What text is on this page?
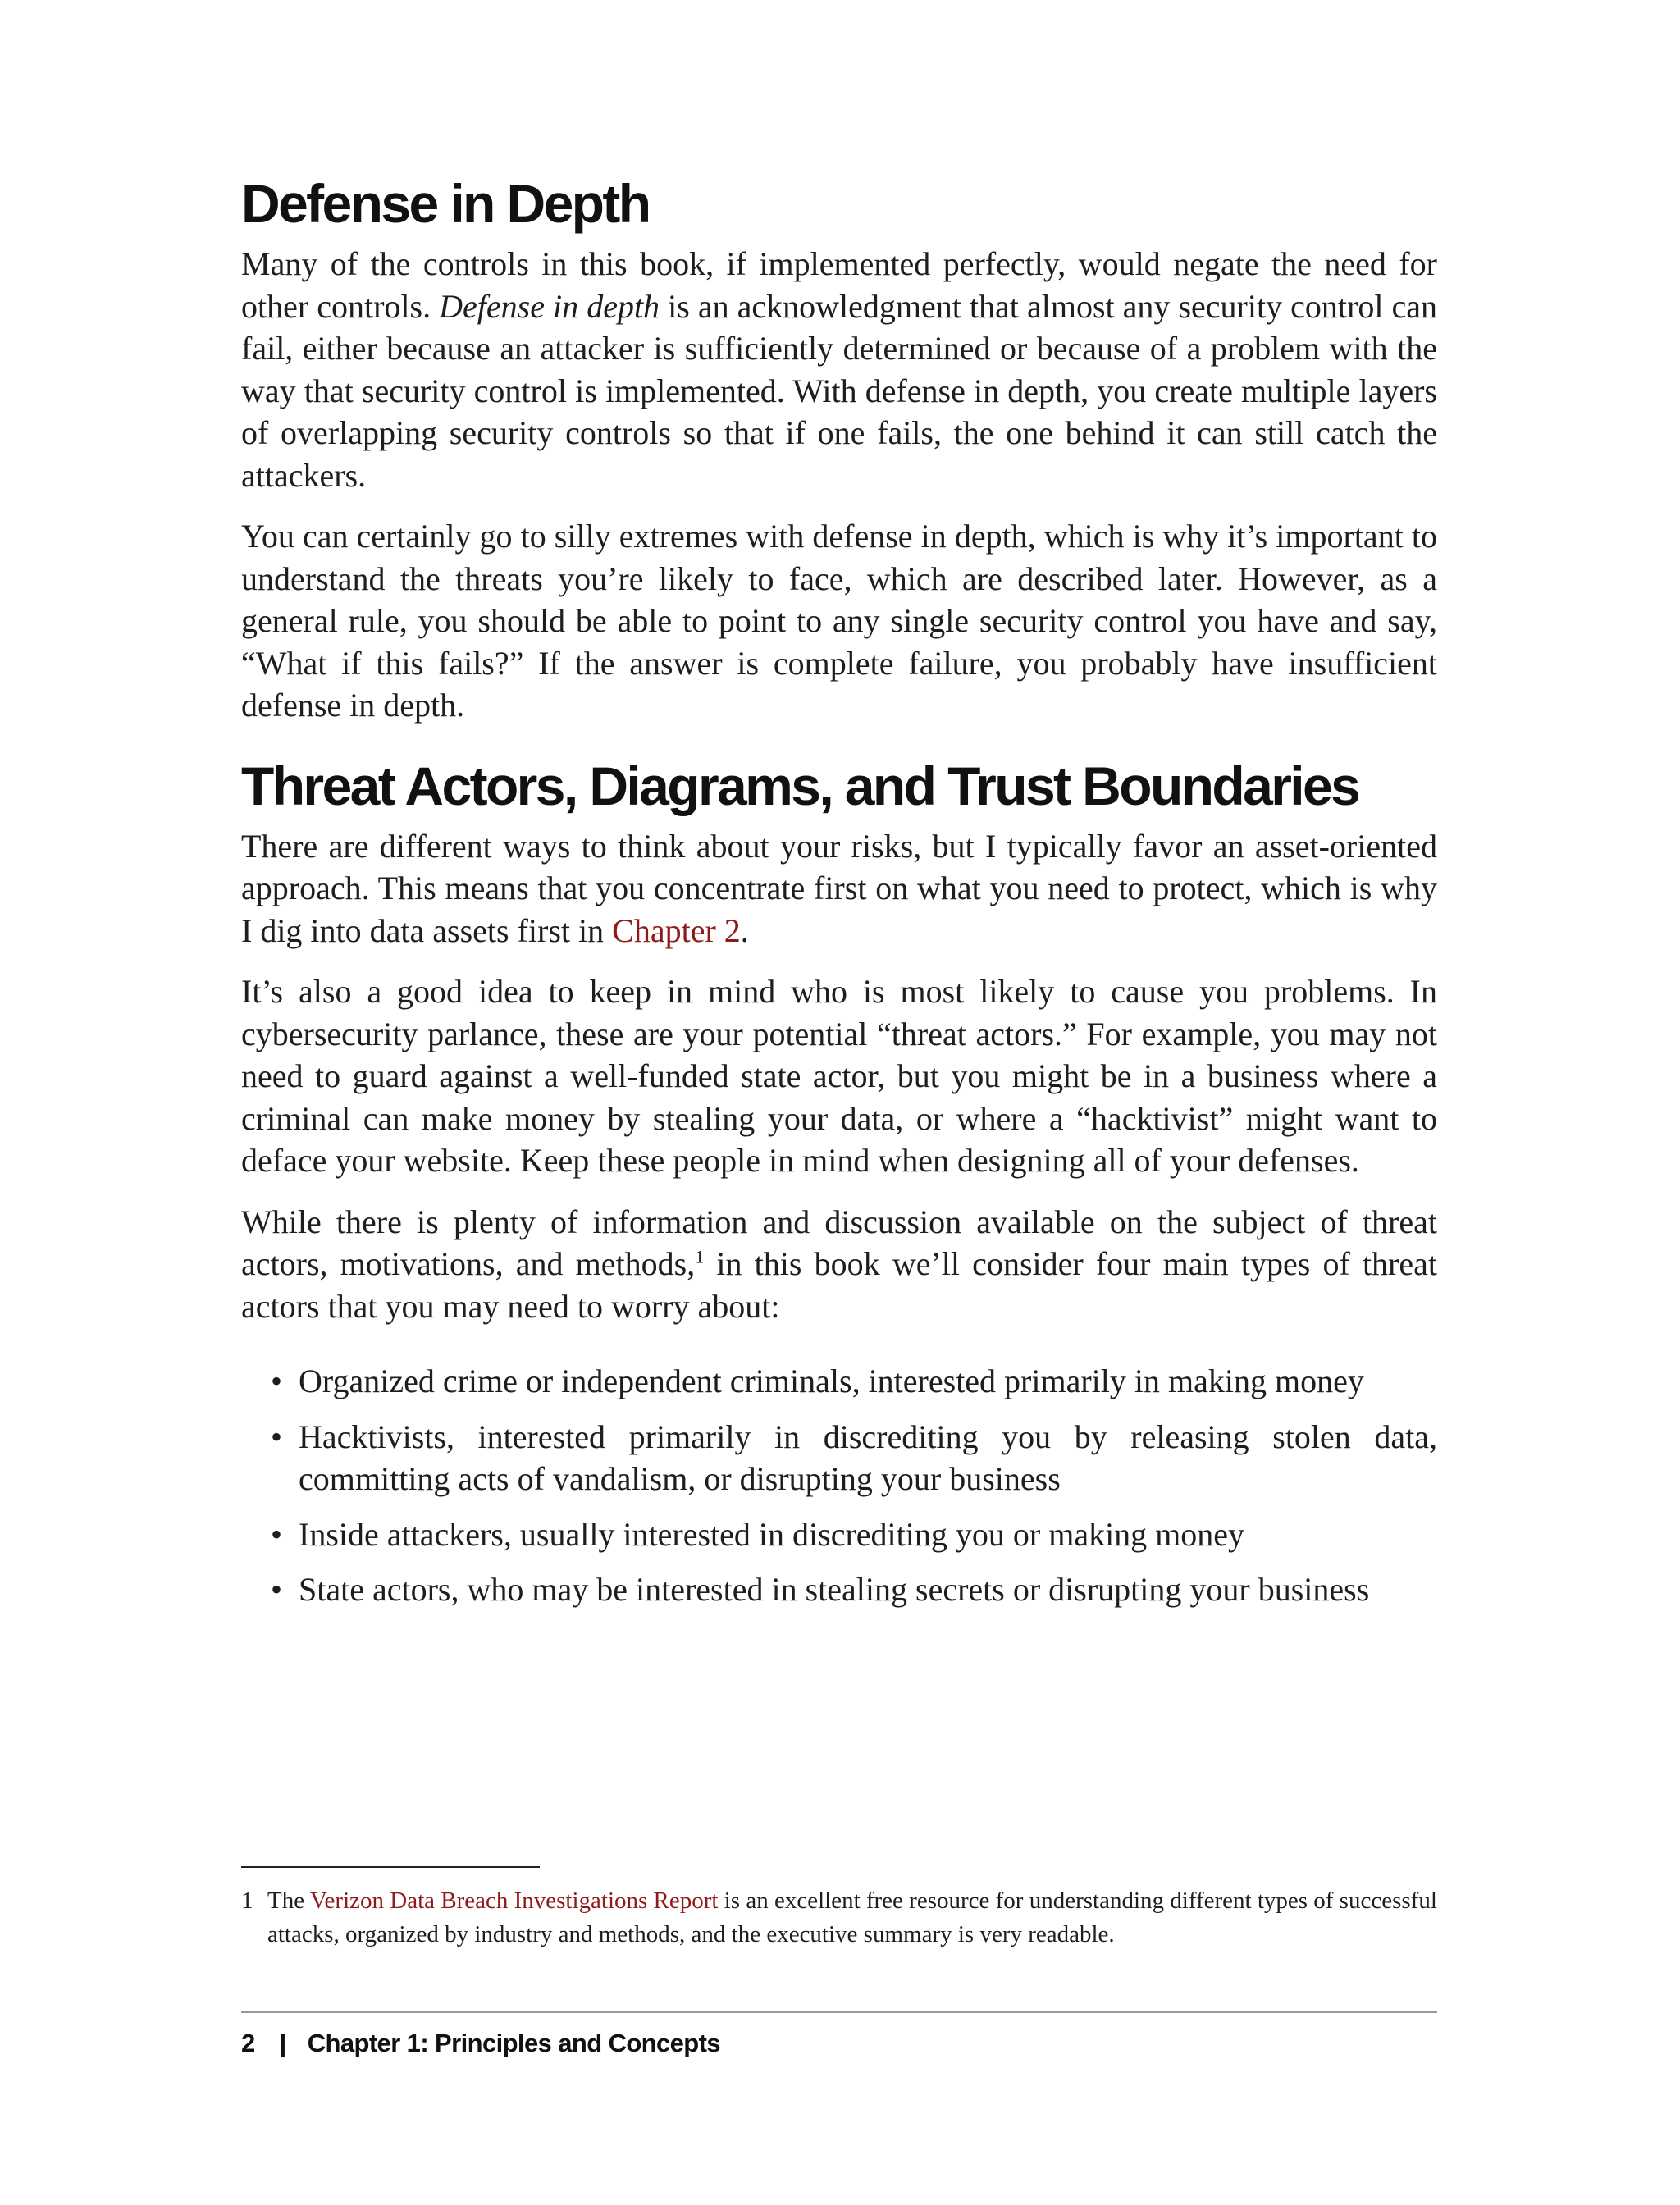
Defense in Depth

Many of the controls in this book, if implemented perfectly, would negate the need for other controls. Defense in depth is an acknowledgment that almost any security control can fail, either because an attacker is sufficiently determined or because of a problem with the way that security control is implemented. With defense in depth, you create multiple layers of overlapping security controls so that if one fails, the one behind it can still catch the attackers.

You can certainly go to silly extremes with defense in depth, which is why it’s important to understand the threats you’re likely to face, which are described later. However, as a general rule, you should be able to point to any single security control you have and say, “What if this fails?” If the answer is complete failure, you probably have insufficient defense in depth.

Threat Actors, Diagrams, and Trust Boundaries

There are different ways to think about your risks, but I typically favor an asset-oriented approach. This means that you concentrate first on what you need to protect, which is why I dig into data assets first in Chapter 2.

It’s also a good idea to keep in mind who is most likely to cause you problems. In cybersecurity parlance, these are your potential “threat actors.” For example, you may not need to guard against a well-funded state actor, but you might be in a business where a criminal can make money by stealing your data, or where a “hacktivist” might want to deface your website. Keep these people in mind when designing all of your defenses.

While there is plenty of information and discussion available on the subject of threat actors, motivations, and methods,$^1$ in this book we’ll consider four main types of threat actors that you may need to worry about:

• Organized crime or independent criminals, interested primarily in making money
• Hacktivists, interested primarily in discrediting you by releasing stolen data, committing acts of vandalism, or disrupting your business
• Inside attackers, usually interested in discrediting you or making money
• State actors, who may be interested in stealing secrets or disrupting your business
1 The Verizon Data Breach Investigations Report is an excellent free resource for understanding different types of successful attacks, organized by industry and methods, and the executive summary is very readable.
2 | Chapter 1: Principles and Concepts
